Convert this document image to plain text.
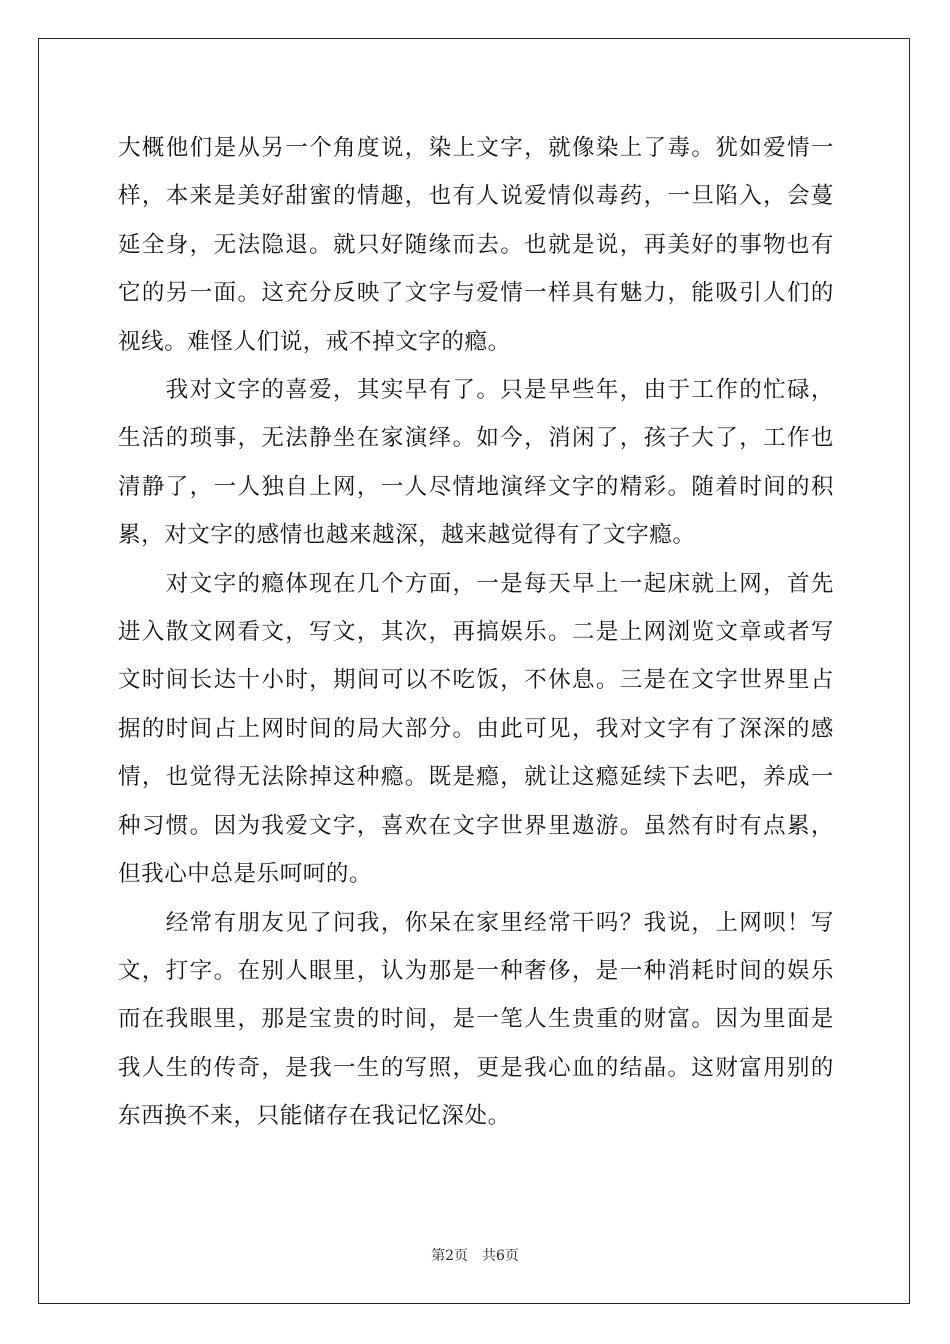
大概他们是从另一个角度说，染上文字，就像染上了毒。犹如爱情一样，本来是美好甜蜜的情趣，也有人说爱情似毒药，一旦陷入，会蔓延全身，无法隐退。就只好随缘而去。也就是说，再美好的事物也有它的另一面。这充分反映了文字与爱情一样具有魅力，能吸引人们的视线。难怪人们说，戒不掉文字的瘾。

　　我对文字的喜爱，其实早有了。只是早些年，由于工作的忙碌，生活的琐事，无法静坐在家演绎。如今，消闲了，孩子大了，工作也清静了，一人独自上网，一人尽情地演绎文字的精彩。随着时间的积累，对文字的感情也越来越深，越来越觉得有了文字瘾。

　　对文字的瘾体现在几个方面，一是每天早上一起床就上网，首先进入散文网看文，写文，其次，再搞娱乐。二是上网浏览文章或者写文时间长达十小时，期间可以不吃饭，不休息。三是在文字世界里占据的时间占上网时间的局大部分。由此可见，我对文字有了深深的感情，也觉得无法除掉这种瘾。既是瘾，就让这瘾延续下去吧，养成一种习惯。因为我爱文字，喜欢在文字世界里遨游。虽然有时有点累，但我心中总是乐呵呵的。

　　经常有朋友见了问我，你呆在家里经常干吗？我说，上网呗！写文，打字。在别人眼里，认为那是一种奢侈，是一种消耗时间的娱乐而在我眼里，那是宝贵的时间，是一笔人生贵重的财富。因为里面是我人生的传奇，是我一生的写照，更是我心血的结晶。这财富用别的东西换不来，只能储存在我记忆深处。

第2页　共6页
